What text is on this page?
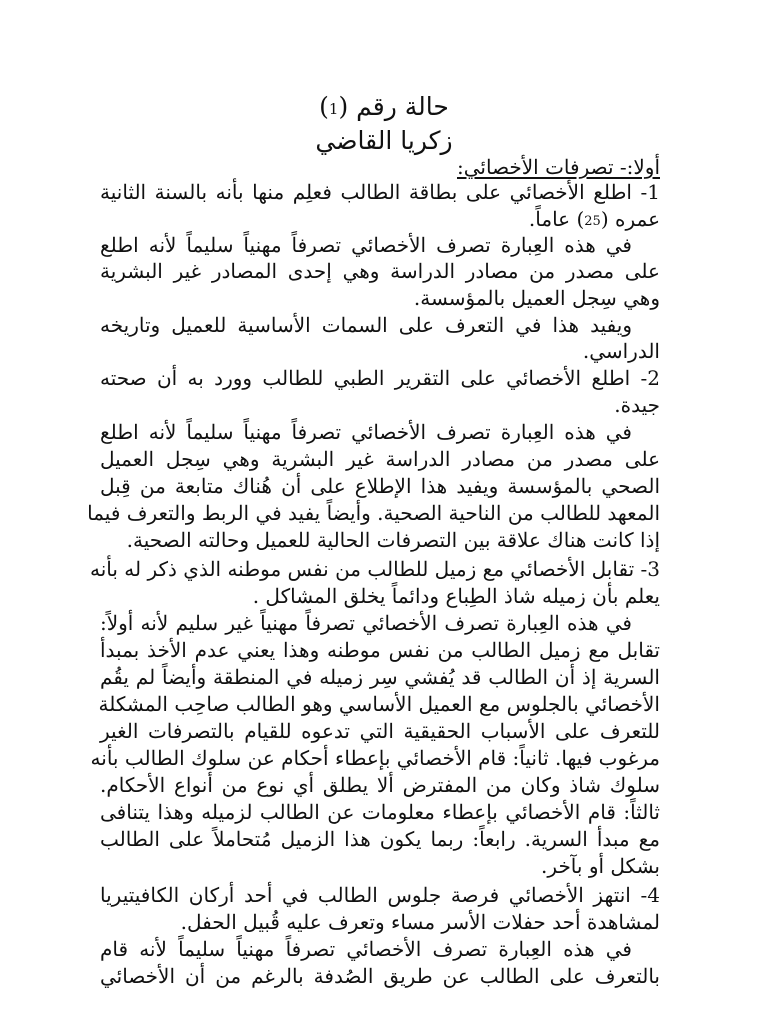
حالة رقم (1)
زكريا القاضي
أولا:- تصرفات الأخصائي:
1- اطلع الأخصائي على بطاقة الطالب فعلِم منها بأنه بالسنة الثانية
عمره (25) عاماً.
في هذه العِبارة تصرف الأخصائي تصرفاً مهنياً سليماً لأنه اطلع
على مصدر من مصادر الدراسة وهي إحدى المصادر غير البشرية
وهي سِجل العميل بالمؤسسة.
ويفيد هذا في التعرف على السمات الأساسية للعميل وتاريخه
الدراسي.
2- اطلع الأخصائي على التقرير الطبي للطالب وورد به أن صحته
جيدة.
في هذه العِبارة تصرف الأخصائي تصرفاً مهنياً سليماً لأنه اطلع
على مصدر من مصادر الدراسة غير البشرية وهي سِجل العميل
الصحي بالمؤسسة ويفيد هذا الإطلاع على أن هُناك متابعة من قِبل
المعهد للطالب من الناحية الصحية. وأيضاً يفيد في الربط والتعرف فيما
إذا كانت هناك علاقة بين التصرفات الحالية للعميل وحالته الصحية.
3- تقابل الأخصائي مع زميل للطالب من نفس موطنه الذي ذكر له بأنه
يعلم بأن زميله شاذ الطِباع ودائماً يخلق المشاكل .
في هذه العِبارة تصرف الأخصائي تصرفاً مهنياً غير سليم لأنه أولاً:
تقابل مع زميل الطالب من نفس موطنه وهذا يعني عدم الأخذ بمبدأ
السرية إذ أن الطالب قد يُفشي سِر زميله في المنطقة وأيضاً لم يقُم
الأخصائي بالجلوس مع العميل الأساسي وهو الطالب صاحِب المشكلة
للتعرف على الأسباب الحقيقية التي تدعوه للقيام بالتصرفات الغير
مرغوب فيها. ثانياً: قام الأخصائي بإعطاء أحكام عن سلوك الطالب بأنه
سلوك شاذ وكان من المفترض ألا يطلق أي نوع من أنواع الأحكام.
ثالثاً: قام الأخصائي بإعطاء معلومات عن الطالب لزميله وهذا يتنافى
مع مبدأ السرية. رابعاً: ربما يكون هذا الزميل مُتحاملاً على الطالب
بشكل أو بآخر.
4- انتهز الأخصائي فرصة جلوس الطالب في أحد أركان الكافيتيريا
لمشاهدة أحد حفلات الأسر مساء وتعرف عليه قُبيل الحفل.
في هذه العِبارة تصرف الأخصائي تصرفاً مهنياً سليماً لأنه قام
بالتعرف على الطالب عن طريق الصُدفة بالرغم من أن الأخصائي
